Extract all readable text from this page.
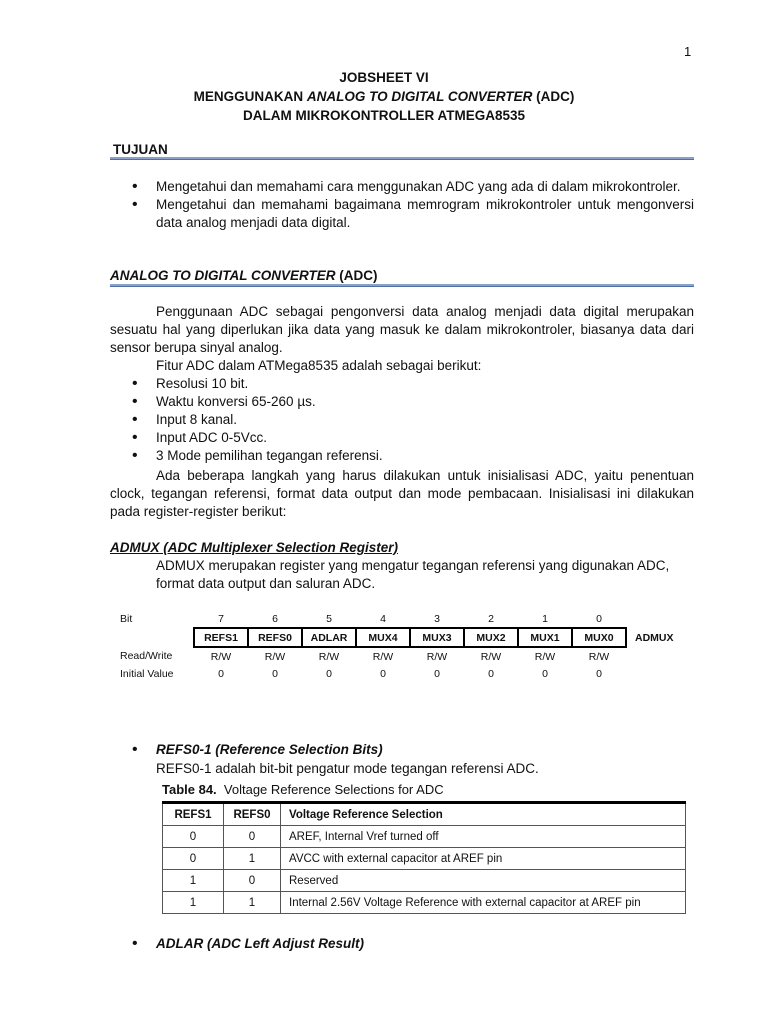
1
JOBSHEET VI
MENGGUNAKAN ANALOG TO DIGITAL CONVERTER (ADC)
DALAM MIKROKONTROLLER ATMEGA8535
TUJUAN
• Mengetahui dan memahami cara menggunakan ADC yang ada di dalam mikrokontroler.
• Mengetahui dan memahami bagaimana memrogram mikrokontroler untuk mengonversi data analog menjadi data digital.
ANALOG TO DIGITAL CONVERTER (ADC)
Penggunaan ADC sebagai pengonversi data analog menjadi data digital merupakan sesuatu hal yang diperlukan jika data yang masuk ke dalam mikrokontroler, biasanya data dari sensor berupa sinyal analog.
Fitur ADC dalam ATMega8535 adalah sebagai berikut:
• Resolusi 10 bit.
• Waktu konversi 65-260 µs.
• Input 8 kanal.
• Input ADC 0-5Vcc.
• 3 Mode pemilihan tegangan referensi.
Ada beberapa langkah yang harus dilakukan untuk inisialisasi ADC, yaitu penentuan clock, tegangan referensi, format data output dan mode pembacaan. Inisialisasi ini dilakukan pada register-register berikut:
ADMUX (ADC Multiplexer Selection Register)
ADMUX merupakan register yang mengatur tegangan referensi yang digunakan ADC, format data output dan saluran ADC.
Bit	7	6	5	4	3	2	1	0	
	REFS1	REFS0	ADLAR	MUX4	MUX3	MUX2	MUX1	MUX0	ADMUX
Read/Write	R/W	R/W	R/W	R/W	R/W	R/W	R/W	R/W	
Initial Value	0	0	0	0	0	0	0	0	
• REFS0-1 (Reference Selection Bits)
REFS0-1 adalah bit-bit pengatur mode tegangan referensi ADC.
Table 84.  Voltage Reference Selections for ADC
REFS1	REFS0	Voltage Reference Selection
0	0	AREF, Internal Vref turned off
0	1	AVCC with external capacitor at AREF pin
1	0	Reserved
1	1	Internal 2.56V Voltage Reference with external capacitor at AREF pin
• ADLAR (ADC Left Adjust Result)
